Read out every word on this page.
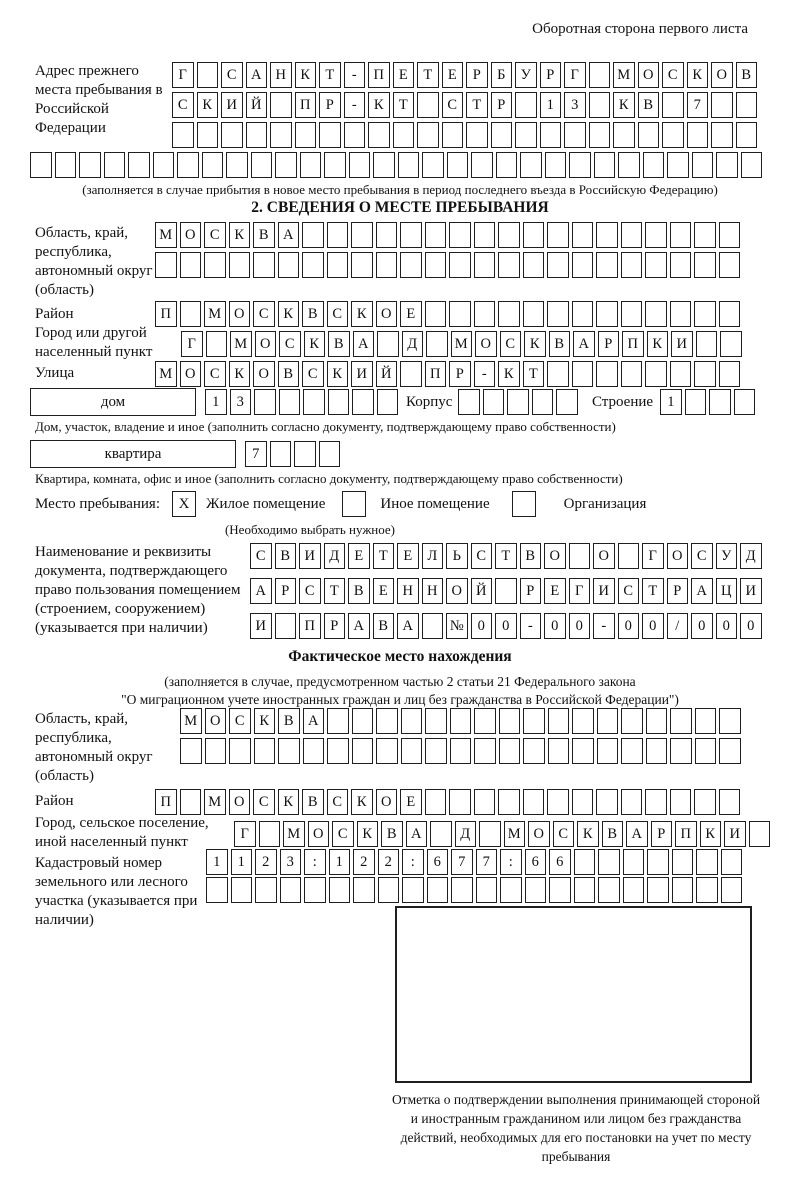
Оборотная сторона первого листа
Адрес прежнего места пребывания в Российской Федерации
Г	С А Н К	Т	-	П	Е	Т	Е	Р	Б	У	Р	Г	М О С	К О В
С	К И Й	П	Р	-	К	Т	С	Т	Р	1	3	К	В	7
(заполняется в случае прибытия в новое место пребывания в период последнего въезда в Российскую Федерацию)
2. СВЕДЕНИЯ О МЕСТЕ ПРЕБЫВАНИЯ
Область, край, республика, автономный округ (область)
М О С	К	В А
Район	П	М О С	К	В	С	К О	Е
Город или другой населенный пункт
Г	М О С	К	В А	Д	М О С	К	В А	Р	П К И
Улица	М О С	К О В	С	К И Й	П	Р	-	К	Т
дом	1	3	Корпус	Строение 1
Дом, участок, владение и иное (заполнить согласно документу, подтверждающему право собственности)
квартира	7
Квартира, комната, офис и иное (заполнить согласно документу, подтверждающему право собственности)
Место пребывания:	X	Жилое помещение	Иное помещение	Организация
(Необходимо выбрать нужное)
Наименование и реквизиты документа, подтверждающего право пользования помещением (строением, сооружением) (указывается при наличии)
С	В И Д	Е	Т	Е	Л	Ь	С	Т	В О	О	Г	О С	У Д
А	Р	С	Т	В	Е	Н Н О Й	Р	Е	Г	И С	Т	Р	А Ц И
И	П	Р	А В А	№ 0	0	-	0	0	-	0	0	/	0	0	0
Фактическое место нахождения
(заполняется в случае, предусмотренном частью 2 статьи 21 Федерального закона
"О миграционном учете иностранных граждан и лиц без гражданства в Российской Федерации")
Область, край, республика, автономный округ (область)
М О С	К	В А
Район	П	М О С	К	В	С	К О	Е
Город, сельское поселение, иной населенный пункт
Г	М О С	К	В А	Д	М О С	К	В А	Р	П К И
Кадастровый номер земельного или лесного участка (указывается при наличии)
1	1	2	3	:	1	2	2	:	6	7	7	:	6	6
Отметка о подтверждении выполнения принимающей стороной и иностранным гражданином или лицом без гражданства действий, необходимых для его постановки на учет по месту пребывания
